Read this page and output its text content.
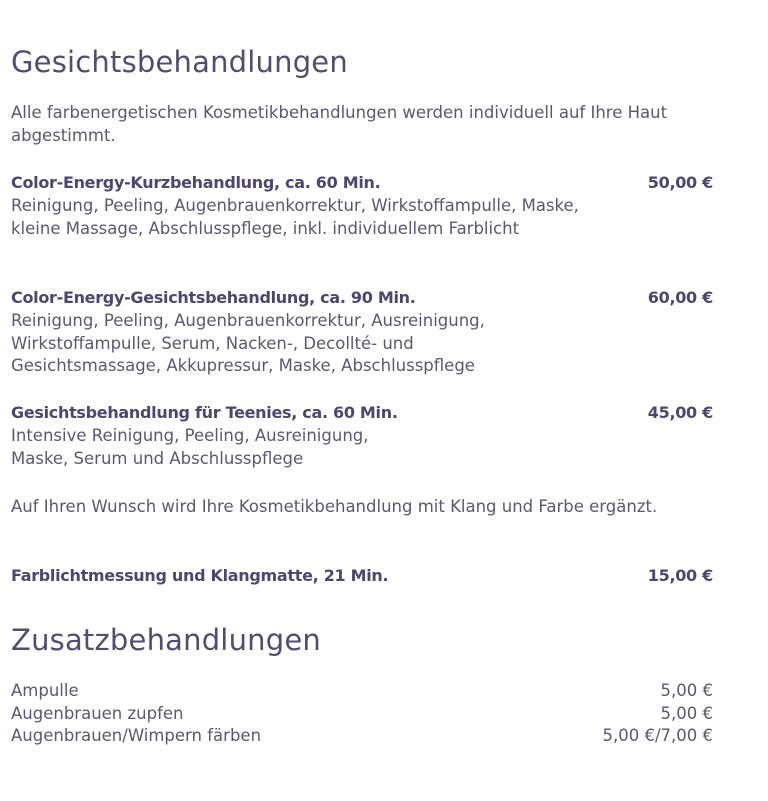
Gesichtsbehandlungen

Alle farbenergetischen Kosmetikbehandlungen werden individuell auf Ihre Haut abgestimmt.

Color-Energy-Kurzbehandlung, ca. 60 Min.	50,00 €

Reinigung, Peeling, Augenbrauenkorrektur, Wirkstoffampulle, Maske, kleine Massage, Abschlusspflege, inkl. individuellem Farblicht

Color-Energy-Gesichtsbehandlung, ca. 90 Min.	60,00 €

Reinigung, Peeling, Augenbrauenkorrektur, Ausreinigung, Wirkstoffampulle, Serum, Nacken-, Decollté- und Gesichtsmassage, Akkupressur, Maske, Abschlusspflege

Gesichtsbehandlung für Teenies, ca. 60 Min.	45,00 €

Intensive Reinigung, Peeling, Ausreinigung, Maske, Serum und Abschlusspflege

Auf Ihren Wunsch wird Ihre Kosmetikbehandlung mit Klang und Farbe ergänzt.

Farblichtmessung und Klangmatte, 21 Min.	15,00 €
Zusatzbehandlungen
Ampulle	5,00 €
Augenbrauen zupfen	5,00 €
Augenbrauen/Wimpern färben	5,00 €/7,00 €
